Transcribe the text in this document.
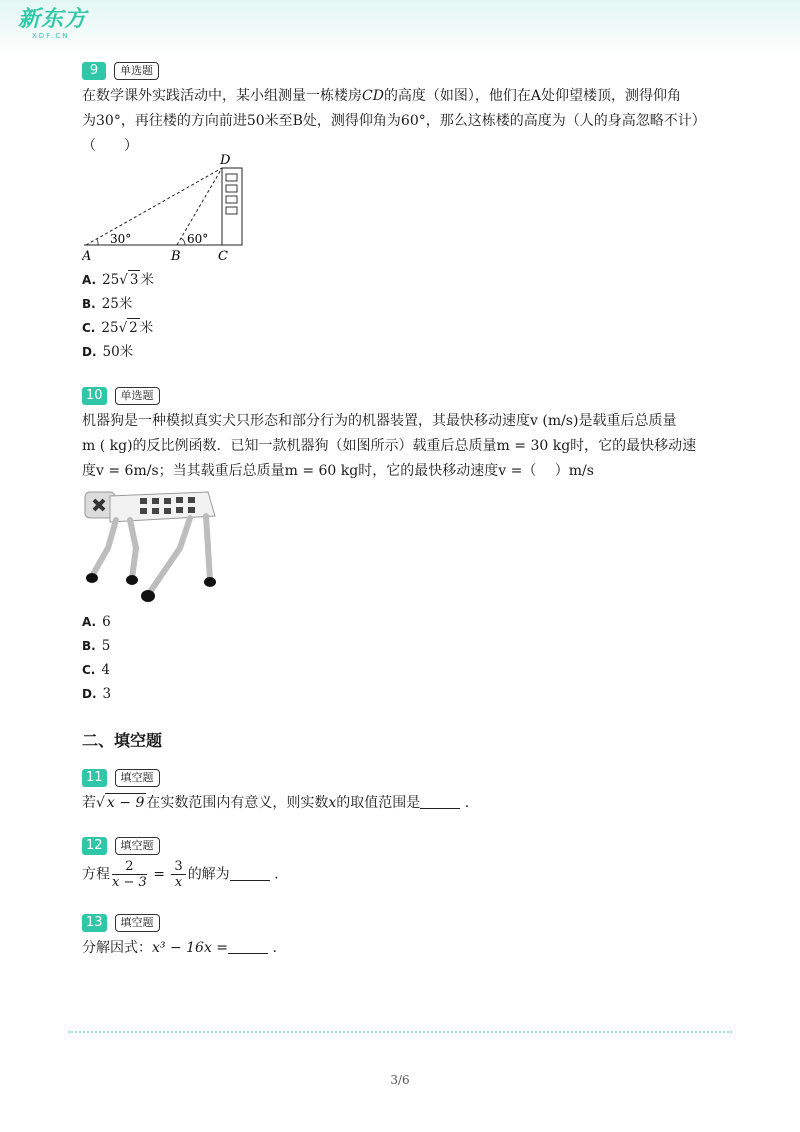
新东方
XDF.CN
9	单选题
在数学课外实践活动中，某小组测量一栋楼房CD的高度（如图），他们在A处仰望楼顶，测得仰角
为30°，再往楼的方向前进50米至B处，测得仰角为60°，那么这栋楼的高度为（人的身高忽略不计）
（　　）
D
A	B	C
30°	60°
A. 25√ 3 米
B. 25米
C. 25√ 2 米
D. 50米
10	单选题
机器狗是一种模拟真实犬只形态和部分行为的机器装置，其最快移动速度v (m/s)是载重后总质量
m ( kg)的反比例函数．已知一款机器狗（如图所示）载重后总质量m = 30 kg时，它的最快移动速
度v = 6m/s；当其载重后总质量m = 60 kg时，它的最快移动速度v =（　 ）m/s
A. 6
B. 5
C. 4
D. 3
二、填空题
11	填空题
若√ x − 9 在实数范围内有意义，则实数x的取值范围是	.
12	填空题
方程 $\frac{2}{x - 3} = \frac{3}{x}$ 的解为	.
13	填空题
分解因式：x³ − 16x =	.
3/6
